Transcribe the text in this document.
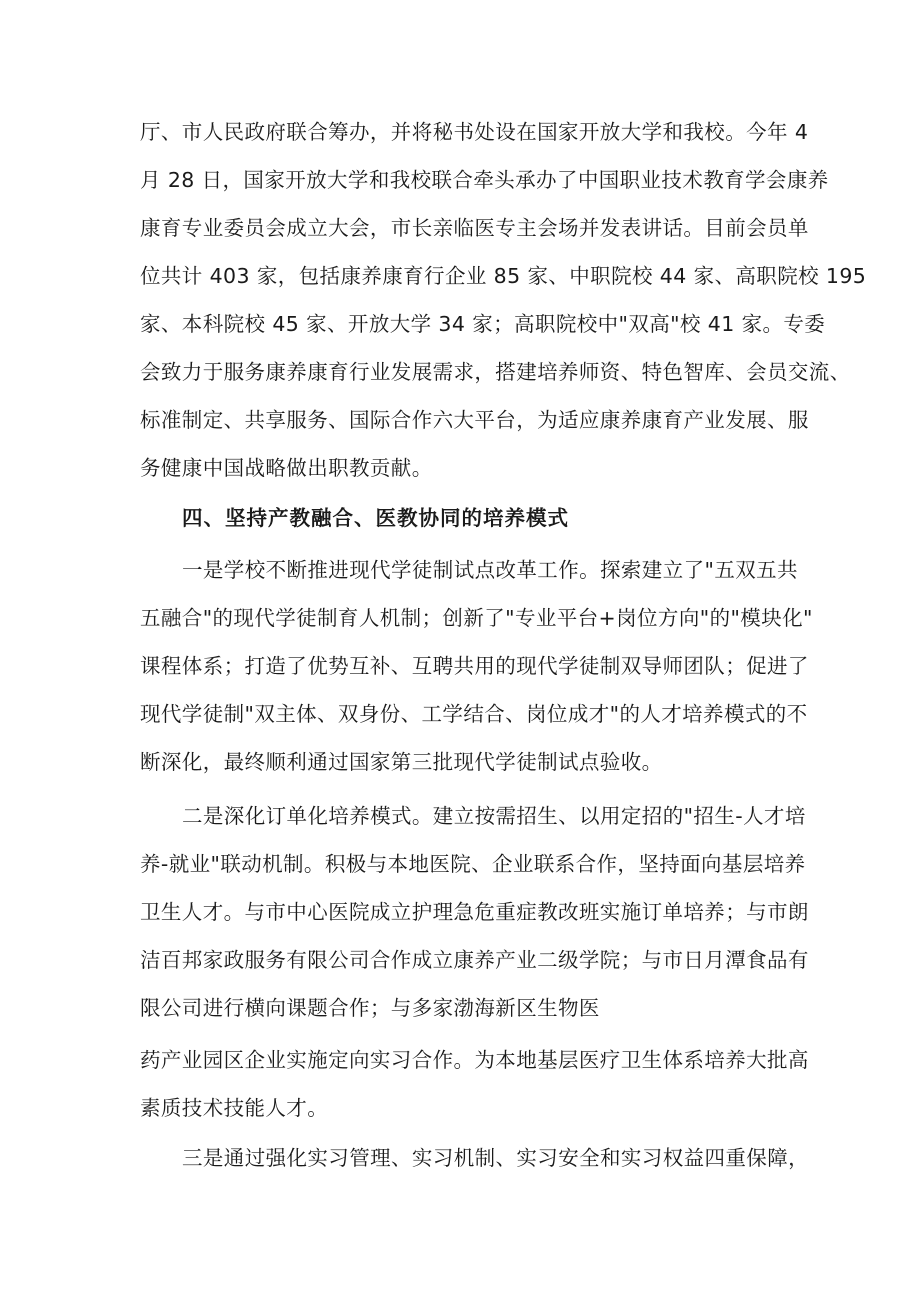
厅、市人民政府联合筹办，并将秘书处设在国家开放大学和我校。今年 4
月 28 日，国家开放大学和我校联合牵头承办了中国职业技术教育学会康养
康育专业委员会成立大会，市长亲临医专主会场并发表讲话。目前会员单
位共计 403 家，包括康养康育行企业 85 家、中职院校 44 家、高职院校 195
家、本科院校 45 家、开放大学 34 家；高职院校中"双高"校 41 家。专委
会致力于服务康养康育行业发展需求，搭建培养师资、特色智库、会员交流、
标准制定、共享服务、国际合作六大平台，为适应康养康育产业发展、服
务健康中国战略做出职教贡献。
四、坚持产教融合、医教协同的培养模式
一是学校不断推进现代学徒制试点改革工作。探索建立了"五双五共
五融合"的现代学徒制育人机制；创新了"专业平台+岗位方向"的"模块化"
课程体系；打造了优势互补、互聘共用的现代学徒制双导师团队；促进了
现代学徒制"双主体、双身份、工学结合、岗位成才"的人才培养模式的不
断深化，最终顺利通过国家第三批现代学徒制试点验收。
二是深化订单化培养模式。建立按需招生、以用定招的"招生-人才培
养-就业"联动机制。积极与本地医院、企业联系合作，坚持面向基层培养
卫生人才。与市中心医院成立护理急危重症教改班实施订单培养；与市朗
洁百邦家政服务有限公司合作成立康养产业二级学院；与市日月潭食品有
限公司进行横向课题合作；与多家渤海新区生物医
药产业园区企业实施定向实习合作。为本地基层医疗卫生体系培养大批高
素质技术技能人才。
三是通过强化实习管理、实习机制、实习安全和实习权益四重保障，
